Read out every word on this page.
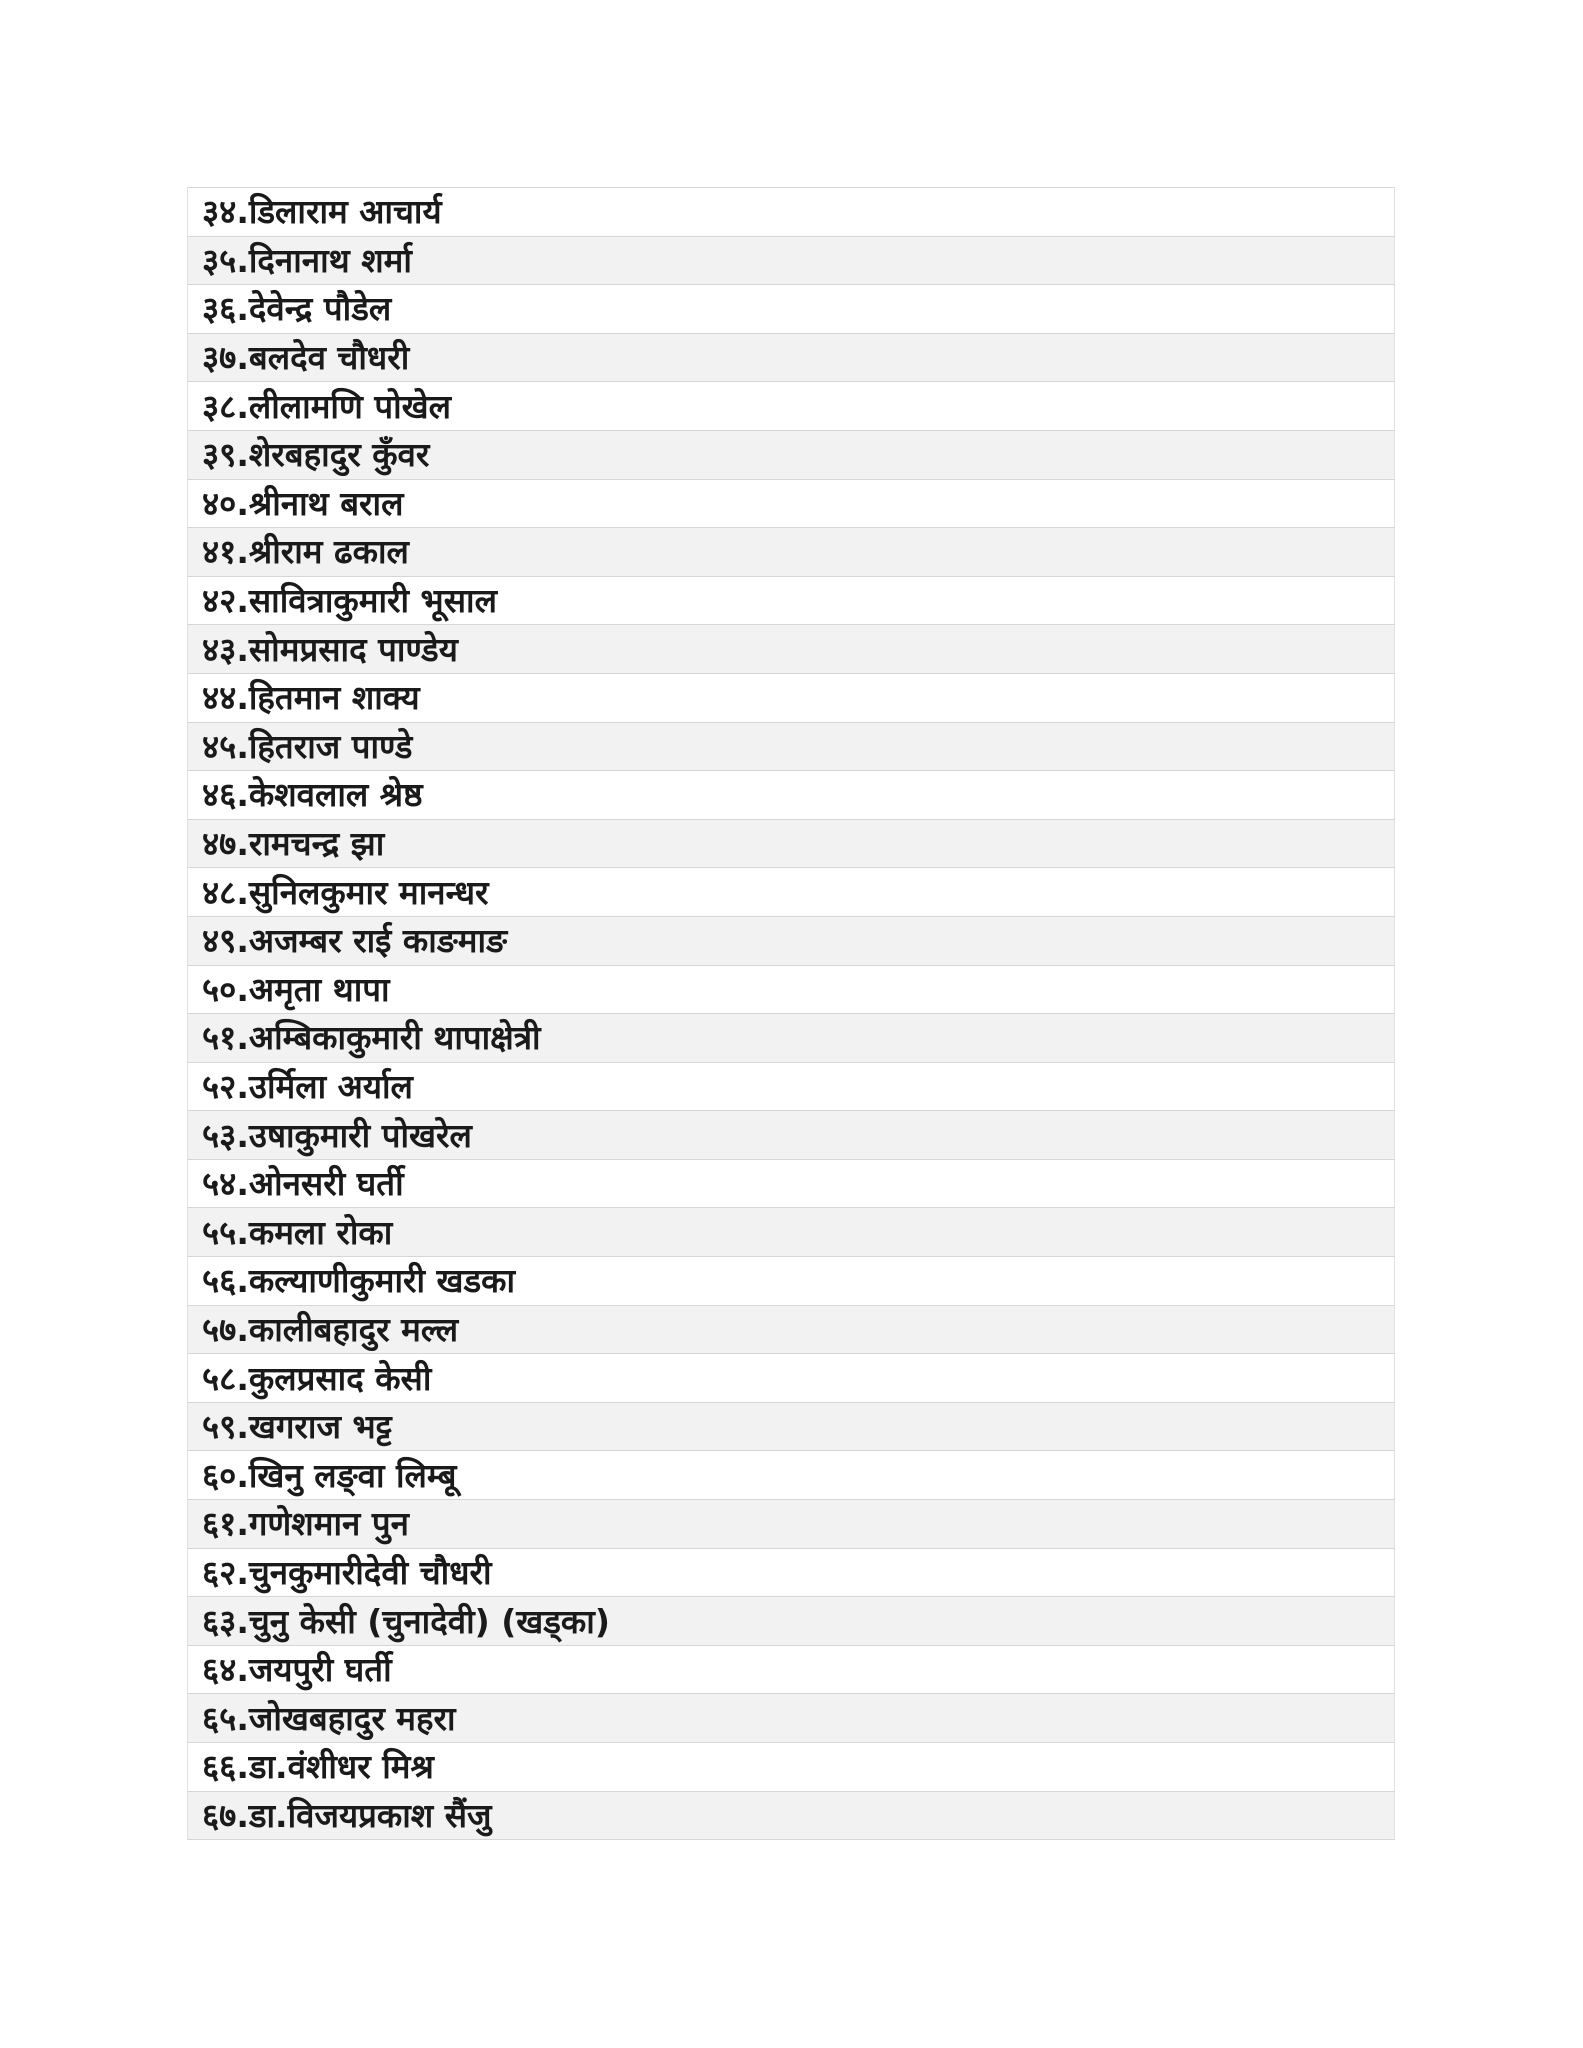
३४.डिलाराम आचार्य
३५.दिनानाथ शर्मा
३६.देवेन्द्र पौडेल
३७.बलदेव चौधरी
३८.लीलामणि पोखेल
३९.शेरबहादुर कुँवर
४०.श्रीनाथ बराल
४१.श्रीराम ढकाल
४२.सावित्राकुमारी भूसाल
४३.सोमप्रसाद पाण्डेय
४४.हितमान शाक्य
४५.हितराज पाण्डे
४६.केशवलाल श्रेष्ठ
४७.रामचन्द्र झा
४८.सुनिलकुमार मानन्धर
४९.अजम्बर राई काङमाङ
५०.अमृता थापा
५१.अम्बिकाकुमारी थापाक्षेत्री
५२.उर्मिला अर्याल
५३.उषाकुमारी पोखरेल
५४.ओनसरी घर्ती
५५.कमला रोका
५६.कल्याणीकुमारी खडका
५७.कालीबहादुर मल्ल
५८.कुलप्रसाद केसी
५९.खगराज भट्ट
६०.खिनु लङ्वा लिम्बू
६१.गणेशमान पुन
६२.चुनकुमारीदेवी चौधरी
६३.चुनु केसी (चुनादेवी) (खड्का)
६४.जयपुरी घर्ती
६५.जोखबहादुर महरा
६६.डा.वंशीधर मिश्र
६७.डा.विजयप्रकाश सैंजु
